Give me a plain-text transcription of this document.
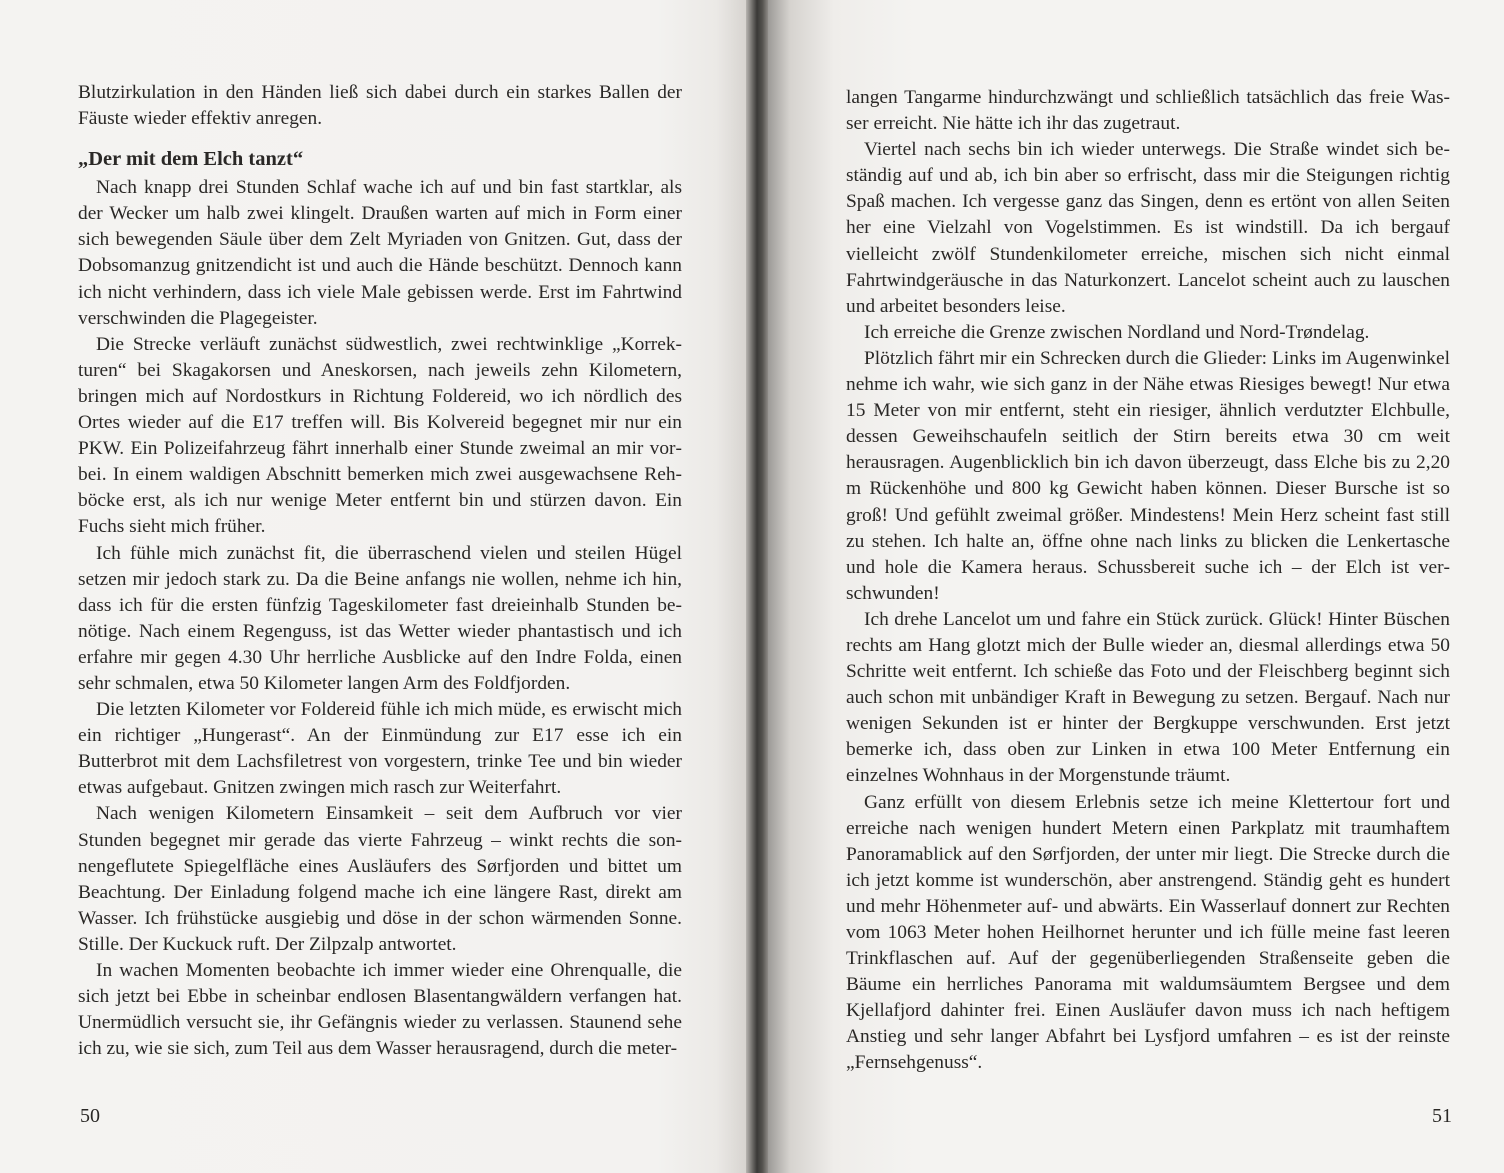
Blutzirkulation in den Händen ließ sich dabei durch ein starkes Ballen der Fäuste wieder effektiv anregen.

„Der mit dem Elch tanzt“

Nach knapp drei Stunden Schlaf wache ich auf und bin fast startklar, als der Wecker um halb zwei klingelt. Draußen warten auf mich in Form einer sich bewegenden Säule über dem Zelt Myriaden von Gnitzen. Gut, dass der Dobsomanzug gnitzendicht ist und auch die Hände beschützt. Dennoch kann ich nicht verhindern, dass ich viele Male gebissen werde. Erst im Fahrtwind verschwinden die Plagegeister.

Die Strecke verläuft zunächst südwestlich, zwei rechtwinklige „Korrekturen“ bei Skagakorsen und Aneskorsen, nach jeweils zehn Kilometern, bringen mich auf Nordostkurs in Richtung Foldereid, wo ich nördlich des Ortes wieder auf die E17 treffen will. Bis Kolvereid begegnet mir nur ein PKW. Ein Polizeifahrzeug fährt innerhalb einer Stunde zweimal an mir vorbei. In einem waldigen Abschnitt bemerken mich zwei ausgewachsene Rehböcke erst, als ich nur wenige Meter entfernt bin und stürzen davon. Ein Fuchs sieht mich früher.

Ich fühle mich zunächst fit, die überraschend vielen und steilen Hügel setzen mir jedoch stark zu. Da die Beine anfangs nie wollen, nehme ich hin, dass ich für die ersten fünfzig Tageskilometer fast dreieinhalb Stunden benötige. Nach einem Regenguss, ist das Wetter wieder phantastisch und ich erfahre mir gegen 4.30 Uhr herrliche Ausblicke auf den Indre Folda, einen sehr schmalen, etwa 50 Kilometer langen Arm des Foldfjorden.

Die letzten Kilometer vor Foldereid fühle ich mich müde, es erwischt mich ein richtiger „Hungerast“. An der Einmündung zur E17 esse ich ein Butterbrot mit dem Lachsfiletrest von vorgestern, trinke Tee und bin wieder etwas aufgebaut. Gnitzen zwingen mich rasch zur Weiterfahrt.

Nach wenigen Kilometern Einsamkeit – seit dem Aufbruch vor vier Stunden begegnet mir gerade das vierte Fahrzeug – winkt rechts die sonnengeflutete Spiegelfläche eines Ausläufers des Sørfjorden und bittet um Beachtung. Der Einladung folgend mache ich eine längere Rast, direkt am Wasser. Ich frühstücke ausgiebig und döse in der schon wärmenden Sonne. Stille. Der Kuckuck ruft. Der Zilpzalp antwortet.

In wachen Momenten beobachte ich immer wieder eine Ohrenqualle, die sich jetzt bei Ebbe in scheinbar endlosen Blasentangwäldern verfangen hat. Unermüdlich versucht sie, ihr Gefängnis wieder zu verlassen. Staunend sehe ich zu, wie sie sich, zum Teil aus dem Wasser herausragend, durch die meter-

50

langen Tangarme hindurchzwängt und schließlich tatsächlich das freie Wasser erreicht. Nie hätte ich ihr das zugetraut.

Viertel nach sechs bin ich wieder unterwegs. Die Straße windet sich beständig auf und ab, ich bin aber so erfrischt, dass mir die Steigungen richtig Spaß machen. Ich vergesse ganz das Singen, denn es ertönt von allen Seiten her eine Vielzahl von Vogelstimmen. Es ist windstill. Da ich bergauf vielleicht zwölf Stundenkilometer erreiche, mischen sich nicht einmal Fahrtwindgeräusche in das Naturkonzert. Lancelot scheint auch zu lauschen und arbeitet besonders leise.

Ich erreiche die Grenze zwischen Nordland und Nord-Trøndelag.

Plötzlich fährt mir ein Schrecken durch die Glieder: Links im Augenwinkel nehme ich wahr, wie sich ganz in der Nähe etwas Riesiges bewegt! Nur etwa 15 Meter von mir entfernt, steht ein riesiger, ähnlich verdutzter Elchbulle, dessen Geweihschaufeln seitlich der Stirn bereits etwa 30 cm weit herausragen. Augenblicklich bin ich davon überzeugt, dass Elche bis zu 2,20 m Rückenhöhe und 800 kg Gewicht haben können. Dieser Bursche ist so groß! Und gefühlt zweimal größer. Mindestens! Mein Herz scheint fast still zu stehen. Ich halte an, öffne ohne nach links zu blicken die Lenkertasche und hole die Kamera heraus. Schussbereit suche ich – der Elch ist verschwunden!

Ich drehe Lancelot um und fahre ein Stück zurück. Glück! Hinter Büschen rechts am Hang glotzt mich der Bulle wieder an, diesmal allerdings etwa 50 Schritte weit entfernt. Ich schieße das Foto und der Fleischberg beginnt sich auch schon mit unbändiger Kraft in Bewegung zu setzen. Bergauf. Nach nur wenigen Sekunden ist er hinter der Bergkuppe verschwunden. Erst jetzt bemerke ich, dass oben zur Linken in etwa 100 Meter Entfernung ein einzelnes Wohnhaus in der Morgenstunde träumt.

Ganz erfüllt von diesem Erlebnis setze ich meine Klettertour fort und erreiche nach wenigen hundert Metern einen Parkplatz mit traumhaftem Panoramablick auf den Sørfjorden, der unter mir liegt. Die Strecke durch die ich jetzt komme ist wunderschön, aber anstrengend. Ständig geht es hundert und mehr Höhenmeter auf- und abwärts. Ein Wasserlauf donnert zur Rechten vom 1063 Meter hohen Heilhornet herunter und ich fülle meine fast leeren Trinkflaschen auf. Auf der gegenüberliegenden Straßenseite geben die Bäume ein herrliches Panorama mit waldumsäumtem Bergsee und dem Kjellafjord dahinter frei. Einen Ausläufer davon muss ich nach heftigem Anstieg und sehr langer Abfahrt bei Lysfjord umfahren – es ist der reinste „Fernsehgenuss“.

51
